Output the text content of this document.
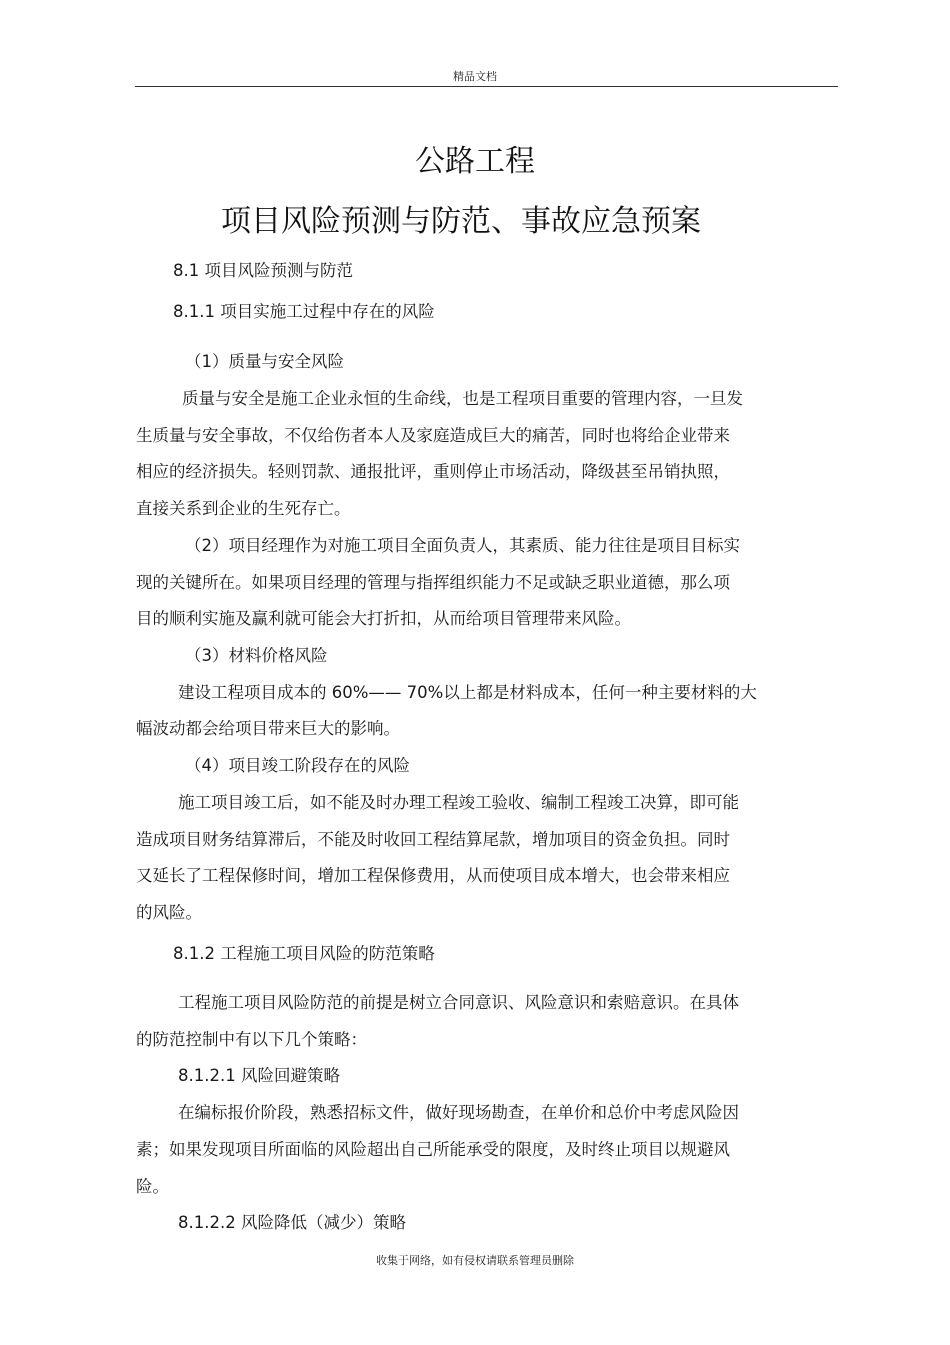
精品文档
公路工程
项目风险预测与防范、事故应急预案
8.1 项目风险预测与防范
8.1.1 项目实施工过程中存在的风险
（1）质量与安全风险
质量与安全是施工企业永恒的生命线，也是工程项目重要的管理内容，一旦发
生质量与安全事故，不仅给伤者本人及家庭造成巨大的痛苦，同时也将给企业带来
相应的经济损失。轻则罚款、通报批评，重则停止市场活动，降级甚至吊销执照，
直接关系到企业的生死存亡。
（2）项目经理作为对施工项目全面负责人，其素质、能力往往是项目目标实
现的关键所在。如果项目经理的管理与指挥组织能力不足或缺乏职业道德，那么项
目的顺利实施及赢利就可能会大打折扣，从而给项目管理带来风险。
（3）材料价格风险
建设工程项目成本的 60%—— 70%以上都是材料成本，任何一种主要材料的大
幅波动都会给项目带来巨大的影响。
（4）项目竣工阶段存在的风险
施工项目竣工后，如不能及时办理工程竣工验收、编制工程竣工决算，即可能
造成项目财务结算滞后，不能及时收回工程结算尾款，增加项目的资金负担。同时
又延长了工程保修时间，增加工程保修费用，从而使项目成本增大，也会带来相应
的风险。
8.1.2 工程施工项目风险的防范策略
工程施工项目风险防范的前提是树立合同意识、风险意识和索赔意识。在具体
的防范控制中有以下几个策略：
8.1.2.1 风险回避策略
在编标报价阶段，熟悉招标文件，做好现场勘查，在单价和总价中考虑风险因
素；如果发现项目所面临的风险超出自己所能承受的限度，及时终止项目以规避风
险。
8.1.2.2 风险降低（减少）策略
收集于网络，如有侵权请联系管理员删除
